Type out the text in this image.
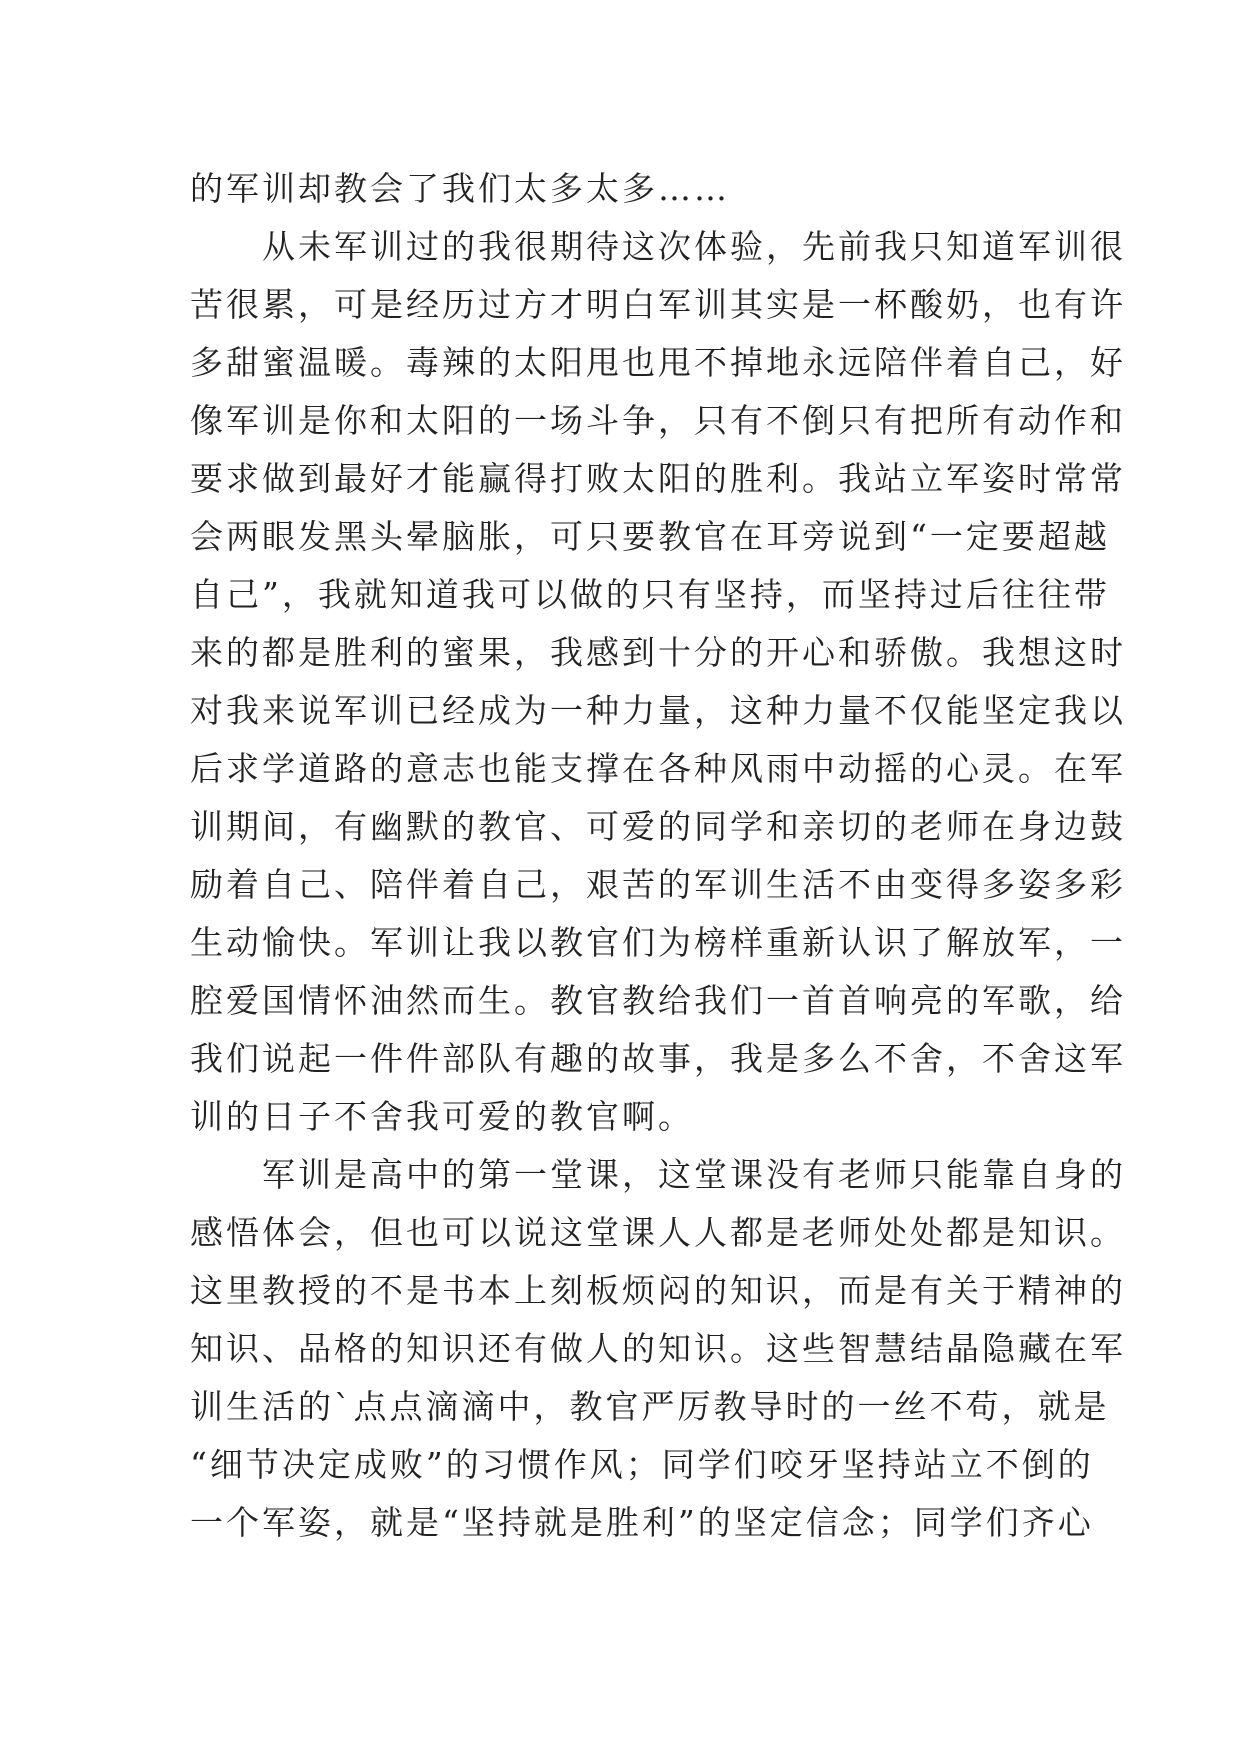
的军训却教会了我们太多太多……
　　从未军训过的我很期待这次体验，先前我只知道军训很
苦很累，可是经历过方才明白军训其实是一杯酸奶，也有许
多甜蜜温暖。毒辣的太阳甩也甩不掉地永远陪伴着自己，好
像军训是你和太阳的一场斗争，只有不倒只有把所有动作和
要求做到最好才能赢得打败太阳的胜利。我站立军姿时常常
会两眼发黑头晕脑胀，可只要教官在耳旁说到“一定要超越
自己”，我就知道我可以做的只有坚持，而坚持过后往往带
来的都是胜利的蜜果，我感到十分的开心和骄傲。我想这时
对我来说军训已经成为一种力量，这种力量不仅能坚定我以
后求学道路的意志也能支撑在各种风雨中动摇的心灵。在军
训期间，有幽默的教官、可爱的同学和亲切的老师在身边鼓
励着自己、陪伴着自己，艰苦的军训生活不由变得多姿多彩
生动愉快。军训让我以教官们为榜样重新认识了解放军，一
腔爱国情怀油然而生。教官教给我们一首首响亮的军歌，给
我们说起一件件部队有趣的故事，我是多么不舍，不舍这军
训的日子不舍我可爱的教官啊。
　　军训是高中的第一堂课，这堂课没有老师只能靠自身的
感悟体会，但也可以说这堂课人人都是老师处处都是知识。
这里教授的不是书本上刻板烦闷的知识，而是有关于精神的
知识、品格的知识还有做人的知识。这些智慧结晶隐藏在军
训生活的`点点滴滴中，教官严厉教导时的一丝不苟，就是
“细节决定成败”的习惯作风；同学们咬牙坚持站立不倒的
一个军姿，就是“坚持就是胜利”的坚定信念；同学们齐心
